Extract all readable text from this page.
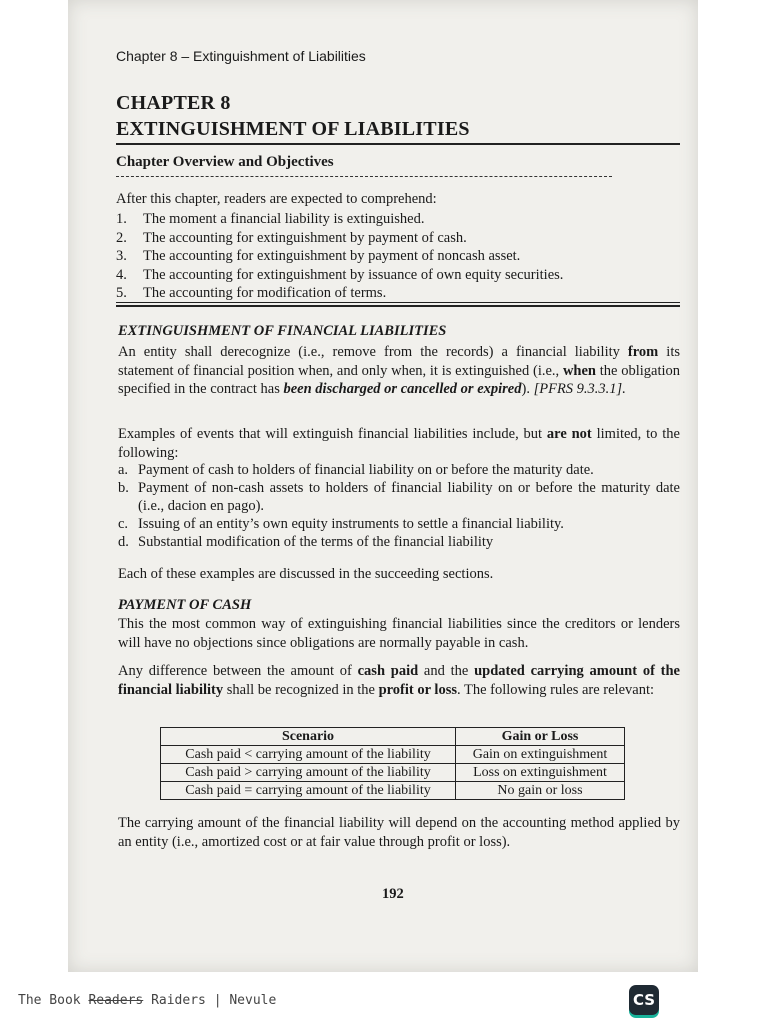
Chapter 8 – Extinguishment of Liabilities
CHAPTER 8
EXTINGUISHMENT OF LIABILITIES
Chapter Overview and Objectives
After this chapter, readers are expected to comprehend:
1. The moment a financial liability is extinguished.
2. The accounting for extinguishment by payment of cash.
3. The accounting for extinguishment by payment of noncash asset.
4. The accounting for extinguishment by issuance of own equity securities.
5. The accounting for modification of terms.
EXTINGUISHMENT OF FINANCIAL LIABILITIES
An entity shall derecognize (i.e., remove from the records) a financial liability from its statement of financial position when, and only when, it is extinguished (i.e., when the obligation specified in the contract has been discharged or cancelled or expired). [PFRS 9.3.3.1].
Examples of events that will extinguish financial liabilities include, but are not limited, to the following:
a. Payment of cash to holders of financial liability on or before the maturity date.
b. Payment of non-cash assets to holders of financial liability on or before the maturity date (i.e., dacion en pago).
c. Issuing of an entity’s own equity instruments to settle a financial liability.
d. Substantial modification of the terms of the financial liability
Each of these examples are discussed in the succeeding sections.
PAYMENT OF CASH
This the most common way of extinguishing financial liabilities since the creditors or lenders will have no objections since obligations are normally payable in cash.
Any difference between the amount of cash paid and the updated carrying amount of the financial liability shall be recognized in the profit or loss. The following rules are relevant:
Scenario	Gain or Loss
Cash paid < carrying amount of the liability	Gain on extinguishment
Cash paid > carrying amount of the liability	Loss on extinguishment
Cash paid = carrying amount of the liability	No gain or loss
The carrying amount of the financial liability will depend on the accounting method applied by an entity (i.e., amortized cost or at fair value through profit or loss).
192
The Book Readers Raiders | Nevule	CS
